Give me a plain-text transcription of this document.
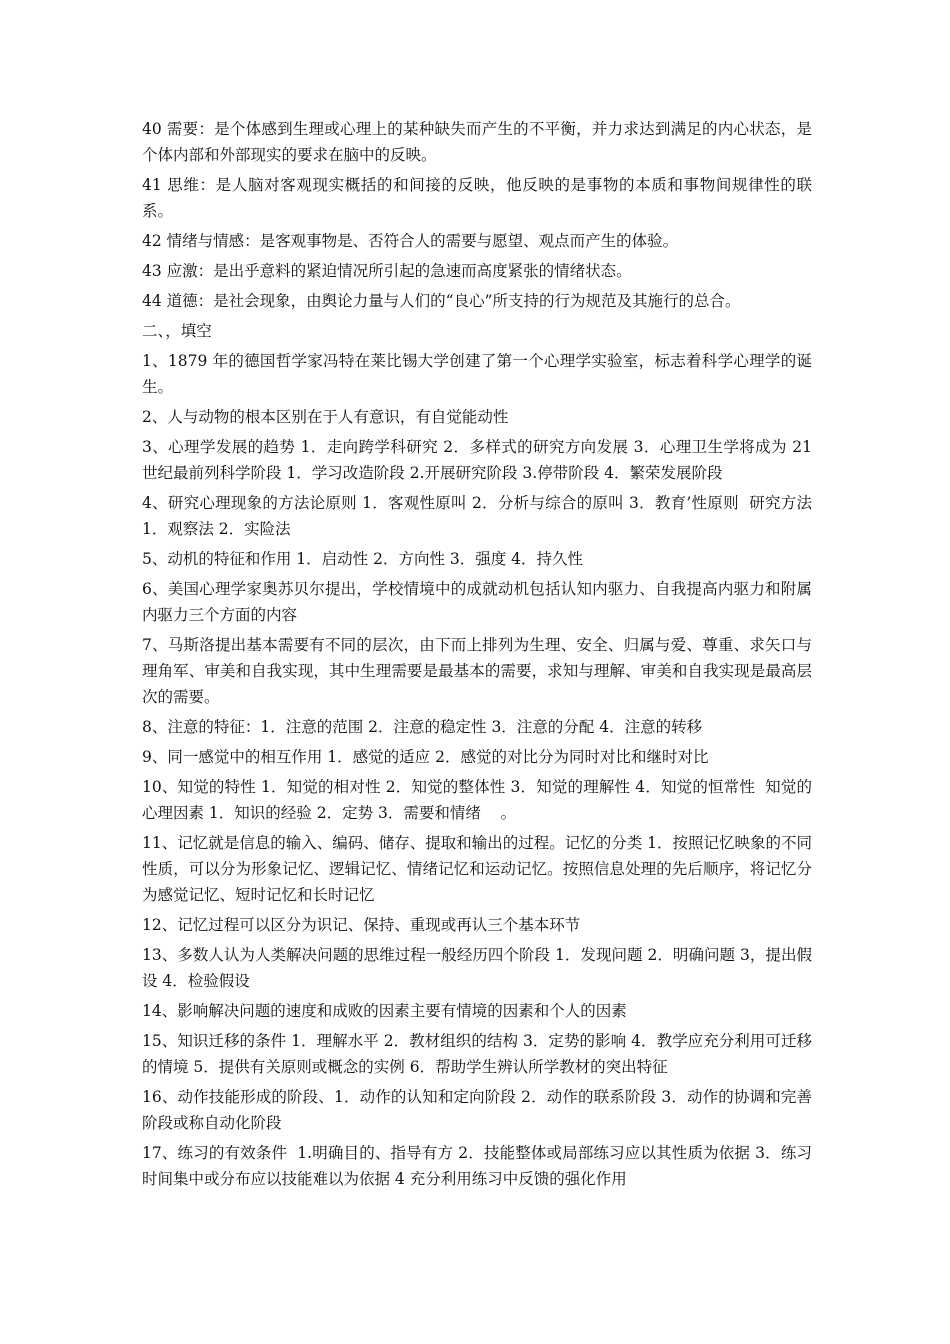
40 需要：是个体感到生理或心理上的某种缺失而产生的不平衡，并力求达到满足的内心状态，是个体内部和外部现实的要求在脑中的反映。

41 思维：是人脑对客观现实概括的和间接的反映，他反映的是事物的本质和事物间规律性的联系。

42 情绪与情感：是客观事物是、否符合人的需要与愿望、观点而产生的体验。

43 应激：是出乎意料的紧迫情况所引起的急速而高度紧张的情绪状态。

44 道德：是社会现象，由舆论力量与人们的“良心”所支持的行为规范及其施行的总合。

二、，填空

1、1879 年的德国哲学家冯特在莱比锡大学创建了第一个心理学实验室，标志着科学心理学的诞生。

2、人与动物的根本区别在于人有意识，有自觉能动性

3、心理学发展的趋势 1．走向跨学科研究 2．多样式的研究方向发展 3．心理卫生学将成为 21 世纪最前列科学阶段 1．学习改造阶段 2.开展研究阶段 3.停带阶段 4．繁荣发展阶段

4、研究心理现象的方法论原则 1．客观性原叫 2．分析与综合的原叫 3．教育’性原则  研究方法 1．观察法 2．实险法

5、动机的特征和作用 1．启动性 2．方向性 3．强度 4．持久性

6、美国心理学家奥苏贝尔提出，学校情境中的成就动机包括认知内驱力、自我提高内驱力和附属内驱力三个方面的内容

7、马斯洛提出基本需要有不同的层次，由下而上排列为生理、安全、归属与爱、尊重、求矢口与理角军、审美和自我实现，其中生理需要是最基本的需要，求知与理解、审美和自我实现是最高层次的需要。

8、注意的特征：1．注意的范围 2．注意的稳定性 3．注意的分配 4．注意的转移

9、同一感觉中的相互作用 1．感觉的适应 2．感觉的对比分为同时对比和继时对比

10、知觉的特性 1．知觉的相对性 2．知觉的整体性 3．知觉的理解性 4．知觉的恒常性  知觉的心理因素 1．知识的经验 2．定势 3．需要和情绪    。

11、记忆就是信息的输入、编码、储存、提取和输出的过程。记忆的分类 1．按照记忆映象的不同性质，可以分为形象记忆、逻辑记忆、情绪记忆和运动记忆。按照信息处理的先后顺序，将记忆分为感觉记忆、短时记忆和长时记忆

12、记忆过程可以区分为识记、保持、重现或再认三个基本环节

13、多数人认为人类解决问题的思维过程一般经历四个阶段 1．发现问题 2．明确问题 3，提出假设 4．检验假设

14、影响解决问题的速度和成败的因素主要有情境的因素和个人的因素

15、知识迁移的条件 1．理解水平 2．教材组织的结构 3．定势的影响 4．教学应充分利用可迁移的情境 5．提供有关原则或概念的实例 6．帮助学生辨认所学教材的突出特征

16、动作技能形成的阶段、1．动作的认知和定向阶段 2．动作的联系阶段 3．动作的协调和完善阶段或称自动化阶段

17、练习的有效条件  1.明确目的、指导有方 2．技能整体或局部练习应以其性质为依据 3．练习时间集中或分布应以技能难以为依据 4 充分利用练习中反馈的强化作用
